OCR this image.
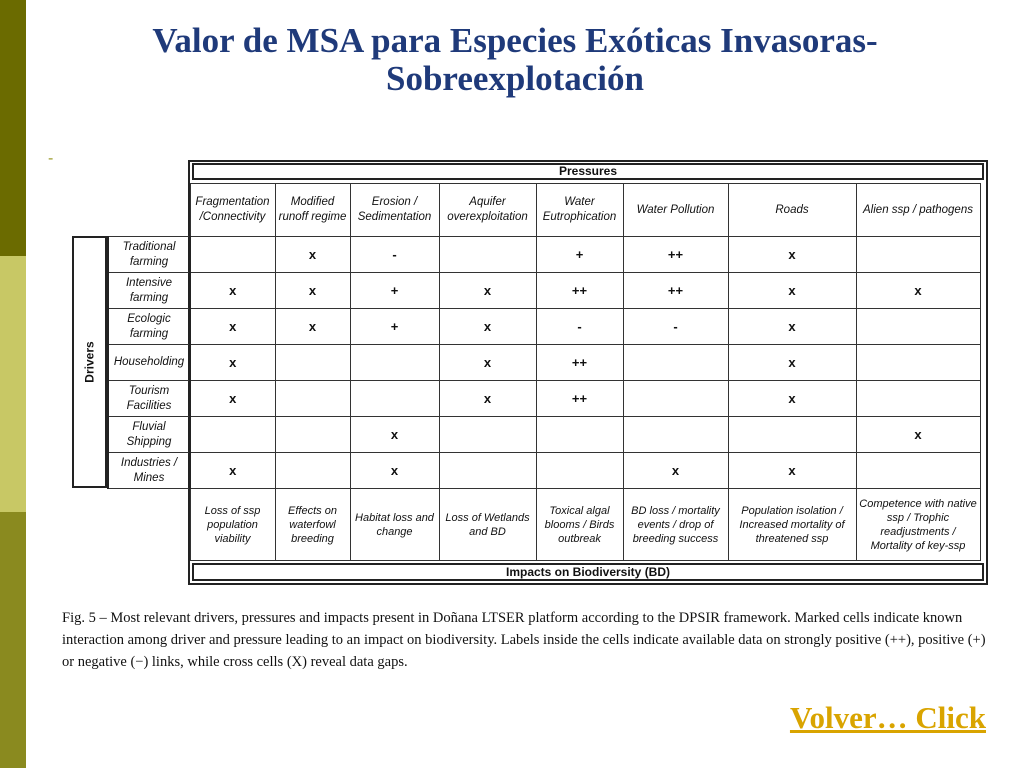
Valor de MSA para Especies Exóticas Invasoras-Sobreexplotación
-
Pressures
Drivers
	Fragmentation /Connectivity	Modified runoff regime	Erosion / Sedimentation	Aquifer overexploitation	Water Eutrophication	Water Pollution	Roads	Alien ssp / pathogens
Traditional farming		x	-		+	++	x	
Intensive farming	x	x	+	x	++	++	x	x
Ecologic farming	x	x	+	x	-	-	x	
Householding	x			x	++		x	
Tourism Facilities	x			x	++		x	
Fluvial Shipping			x					x
Industries / Mines	x		x			x	x	
	Loss of ssp population viability	Effects on waterfowl breeding	Habitat loss and change	Loss of Wetlands and BD	Toxical algal blooms / Birds outbreak	BD loss / mortality events / drop of breeding success	Population isolation / Increased mortality of threatened ssp	Competence with native ssp / Trophic readjustments / Mortality of key-ssp
Impacts on Biodiversity (BD)

Fig. 5 – Most relevant drivers, pressures and impacts present in Doñana LTSER platform according to the DPSIR framework. Marked cells indicate known interaction among driver and pressure leading to an impact on biodiversity. Labels inside the cells indicate available data on strongly positive (++), positive (+) or negative (−) links, while cross cells (X) reveal data gaps.

Volver… Click
